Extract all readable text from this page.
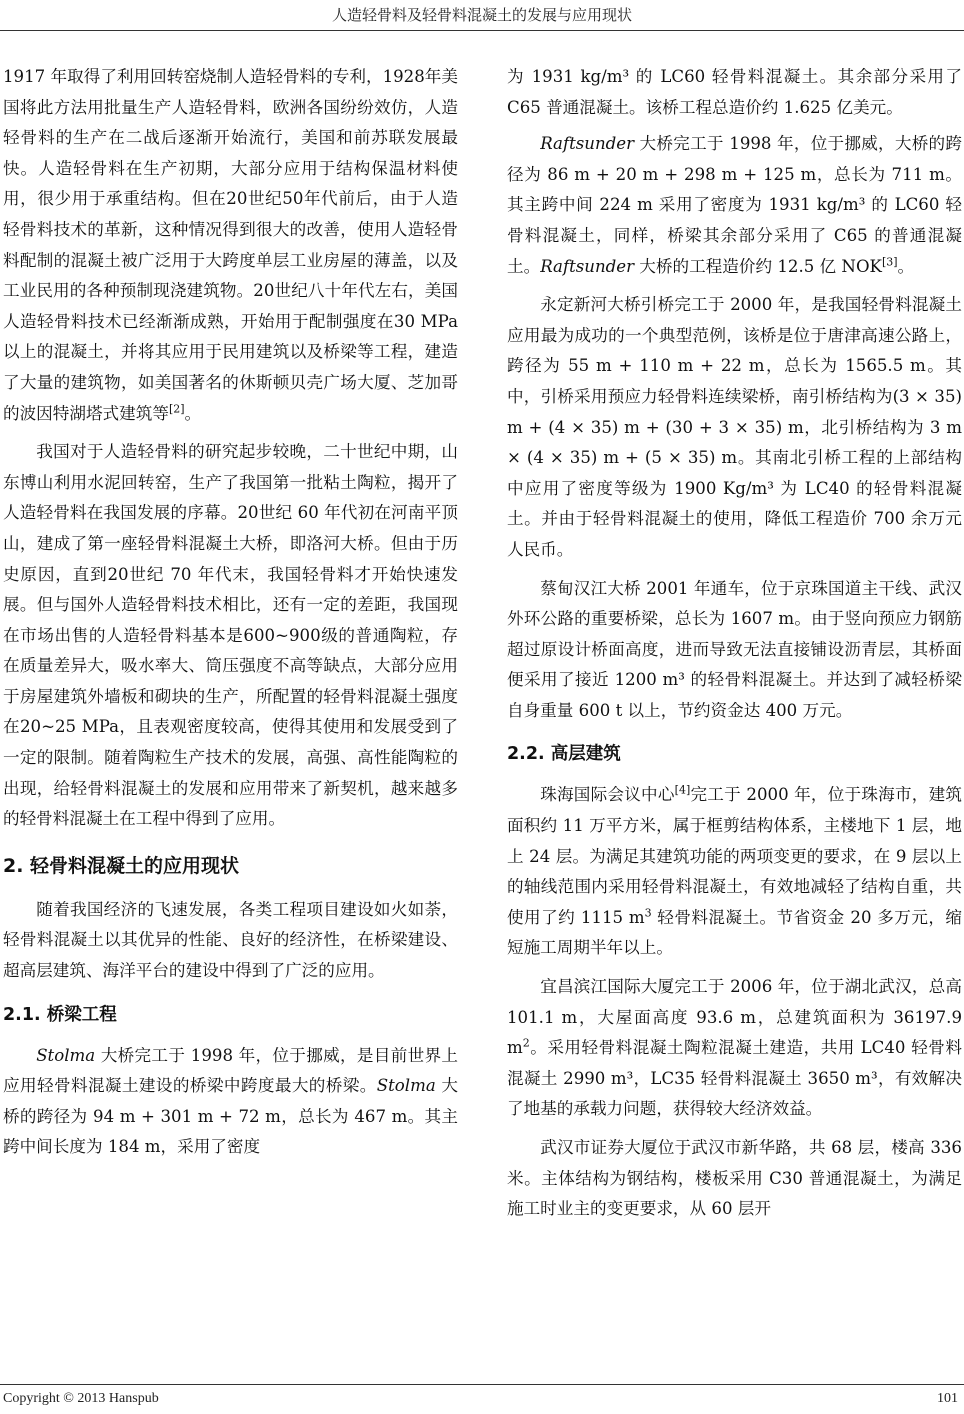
人造轻骨料及轻骨料混凝土的发展与应用现状

1917 年取得了利用回转窑烧制人造轻骨料的专利，1928年美国将此方法用批量生产人造轻骨料，欧洲各国纷纷效仿，人造轻骨料的生产在二战后逐渐开始流行，美国和前苏联发展最快。人造轻骨料在生产初期，大部分应用于结构保温材料使用，很少用于承重结构。但在20世纪50年代前后，由于人造轻骨料技术的革新，这种情况得到很大的改善，使用人造轻骨料配制的混凝土被广泛用于大跨度单层工业房屋的薄盖，以及工业民用的各种预制现浇建筑物。20世纪八十年代左右，美国人造轻骨料技术已经渐渐成熟，开始用于配制强度在30 MPa以上的混凝土，并将其应用于民用建筑以及桥梁等工程，建造了大量的建筑物，如美国著名的休斯顿贝壳广场大厦、芝加哥的波因特湖塔式建筑等[2]。

我国对于人造轻骨料的研究起步较晚，二十世纪中期，山东博山利用水泥回转窑，生产了我国第一批粘土陶粒，揭开了人造轻骨料在我国发展的序幕。20世纪 60 年代初在河南平顶山，建成了第一座轻骨料混凝土大桥，即洛河大桥。但由于历史原因，直到20世纪 70 年代末，我国轻骨料才开始快速发展。但与国外人造轻骨料技术相比，还有一定的差距，我国现在市场出售的人造轻骨料基本是600~900级的普通陶粒，存在质量差异大，吸水率大、筒压强度不高等缺点，大部分应用于房屋建筑外墙板和砌块的生产，所配置的轻骨料混凝土强度在20~25 MPa，且表观密度较高，使得其使用和发展受到了一定的限制。随着陶粒生产技术的发展，高强、高性能陶粒的出现，给轻骨料混凝土的发展和应用带来了新契机，越来越多的轻骨料混凝土在工程中得到了应用。

2. 轻骨料混凝土的应用现状

随着我国经济的飞速发展，各类工程项目建设如火如荼，轻骨料混凝土以其优异的性能、良好的经济性，在桥梁建设、超高层建筑、海洋平台的建设中得到了广泛的应用。

2.1. 桥梁工程

Stolma 大桥完工于 1998 年，位于挪威，是目前世界上应用轻骨料混凝土建设的桥梁中跨度最大的桥梁。Stolma 大桥的跨径为 94 m + 301 m + 72 m，总长为 467 m。其主跨中间长度为 184 m，采用了密度

为 1931 kg/m³ 的 LC60 轻骨料混凝土。其余部分采用了 C65 普通混凝土。该桥工程总造价约 1.625 亿美元。

Raftsunder 大桥完工于 1998 年，位于挪威，大桥的跨径为 86 m + 20 m + 298 m + 125 m，总长为 711 m。其主跨中间 224 m 采用了密度为 1931 kg/m³ 的 LC60 轻骨料混凝土，同样，桥梁其余部分采用了 C65 的普通混凝土。Raftsunder 大桥的工程造价约 12.5 亿 NOK[3]。

永定新河大桥引桥完工于 2000 年，是我国轻骨料混凝土应用最为成功的一个典型范例，该桥是位于唐津高速公路上，跨径为 55 m + 110 m + 22 m，总长为 1565.5 m。其中，引桥采用预应力轻骨料连续梁桥，南引桥结构为(3 × 35) m + (4 × 35) m + (30 + 3 × 35) m，北引桥结构为 3 m × (4 × 35) m + (5 × 35) m。其南北引桥工程的上部结构中应用了密度等级为 1900 Kg/m³ 为 LC40 的轻骨料混凝土。并由于轻骨料混凝土的使用，降低工程造价 700 余万元人民币。

蔡甸汉江大桥 2001 年通车，位于京珠国道主干线、武汉外环公路的重要桥梁，总长为 1607 m。由于竖向预应力钢筋超过原设计桥面高度，进而导致无法直接铺设沥青层，其桥面便采用了接近 1200 m³ 的轻骨料混凝土。并达到了减轻桥梁自身重量 600 t 以上，节约资金达 400 万元。

2.2. 高层建筑

珠海国际会议中心[4]完工于 2000 年，位于珠海市，建筑面积约 11 万平方米，属于框剪结构体系，主楼地下 1 层，地上 24 层。为满足其建筑功能的两项变更的要求，在 9 层以上的轴线范围内采用轻骨料混凝土，有效地减轻了结构自重，共使用了约 1115 $m^3$ 轻骨料混凝土。节省资金 20 多万元，缩短施工周期半年以上。

宜昌滨江国际大厦完工于 2006 年，位于湖北武汉，总高 101.1 m，大屋面高度 93.6 m，总建筑面积为 36197.9 $m^2$。采用轻骨料混凝土陶粒混凝土建造，共用 LC40 轻骨料混凝土 2990 m³，LC35 轻骨料混凝土 3650 m³，有效解决了地基的承载力问题，获得较大经济效益。

武汉市证券大厦位于武汉市新华路，共 68 层，楼高 336 米。主体结构为钢结构，楼板采用 C30 普通混凝土，为满足施工时业主的变更要求，从 60 层开

Copyright © 2013 Hanspub	101
